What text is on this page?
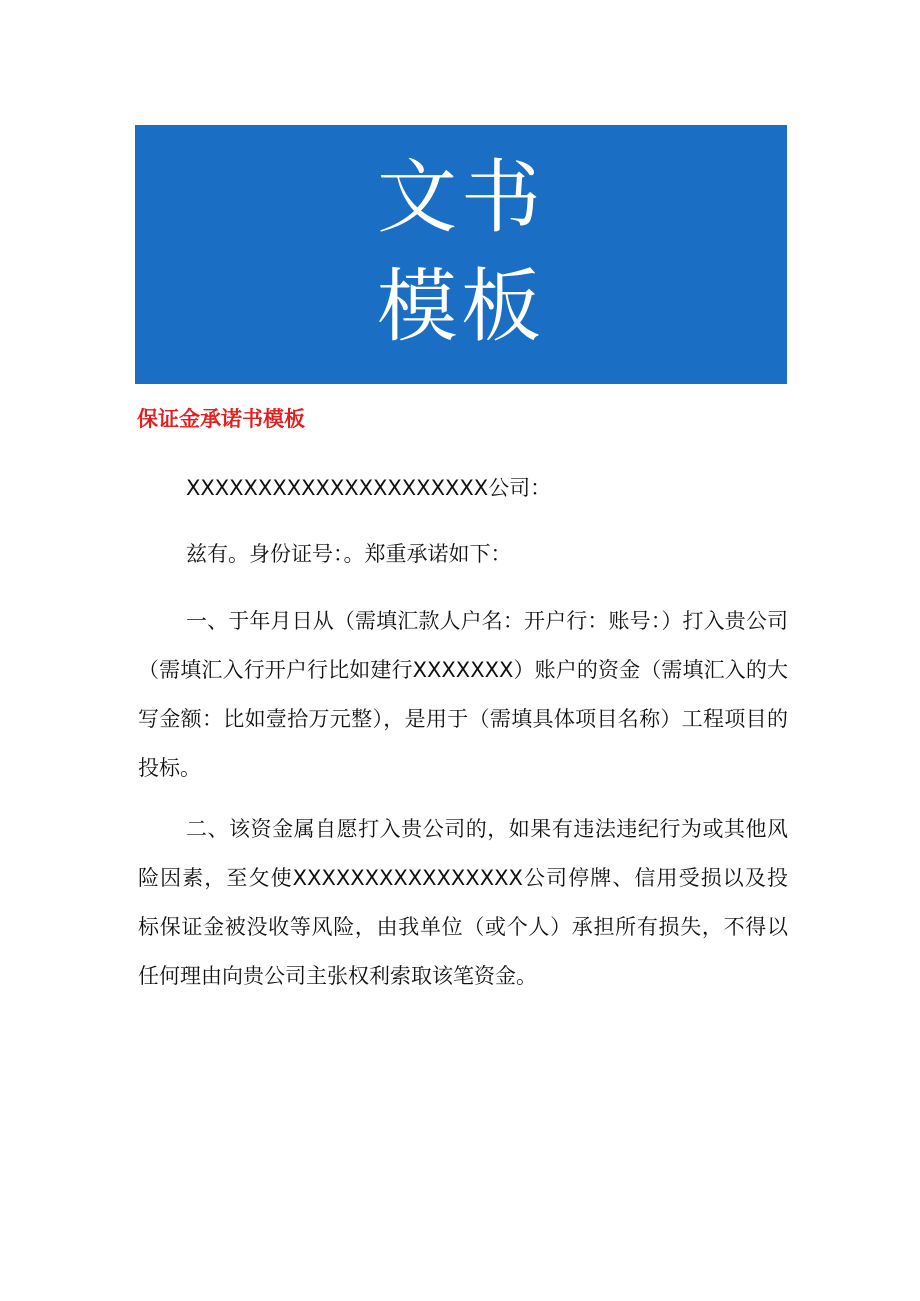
文书
模板
保证金承诺书模板
XXXXXXXXXXXXXXXXXXXXX公司：
兹有。身份证号：。郑重承诺如下：
一、于年月日从（需填汇款人户名：开户行：账号：）打入贵公司（需填汇入行开户行比如建行XXXXXXX）账户的资金（需填汇入的大写金额：比如壹拾万元整），是用于（需填具体项目名称）工程项目的投标。
二、该资金属自愿打入贵公司的，如果有违法违纪行为或其他风险因素，至攵使XXXXXXXXXXXXXXXX公司停牌、信用受损以及投标保证金被没收等风险，由我单位（或个人）承担所有损失，不得以任何理由向贵公司主张权利索取该笔资金。
